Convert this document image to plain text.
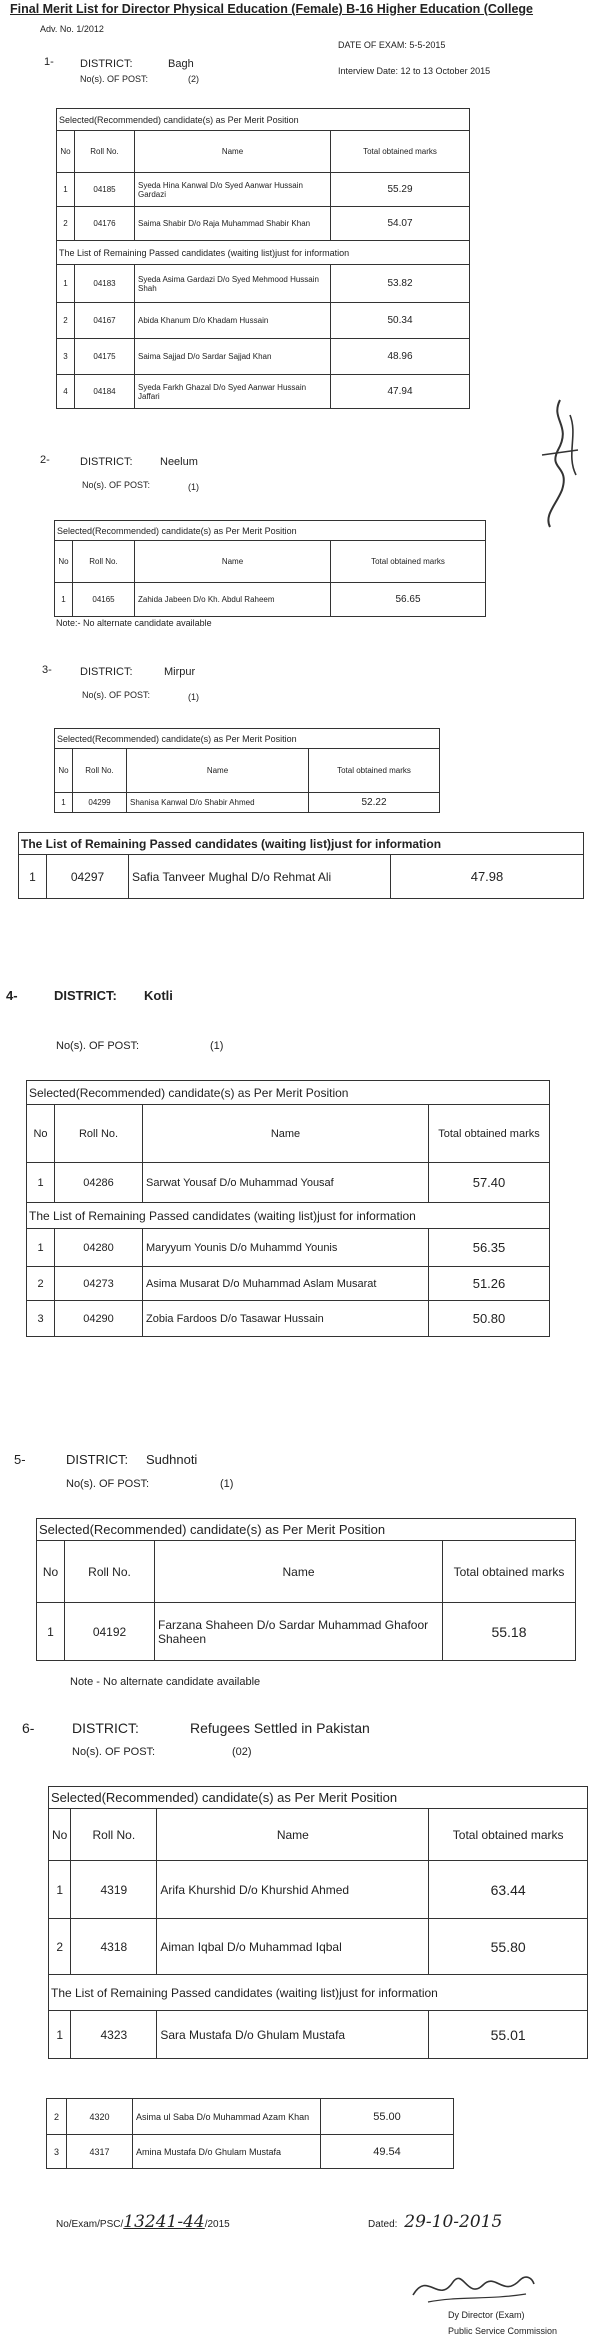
Final Merit List for Director Physical Education (Female) B-16 Higher Education (College
Adv. No. 1/2012
DATE OF EXAM: 5-5-2015
Interview Date: 12 to 13 October 2015
1- DISTRICT:	Bagh
No(s). OF POST:	(2)
Selected(Recommended) candidate(s) as Per Merit Position			
No	Roll No.	Name	Total obtained marks
1	04185	Syeda Hina Kanwal D/o Syed Aanwar Hussain Gardazi	55.29
2	04176	Saima Shabir D/o Raja Muhammad Shabir Khan	54.07
The List of Remaining Passed candidates (waiting list)just for information			
1	04183	Syeda Asima Gardazi D/o Syed Mehmood Hussain Shah	53.82
2	04167	Abida Khanum D/o Khadam Hussain	50.34
3	04175	Saima Sajjad D/o Sardar Sajjad Khan	48.96
4	04184	Syeda Farkh Ghazal D/o Syed Aanwar Hussain Jaffari	47.94
2-	DISTRICT: Neelum
No(s). OF POST:	(1)
Selected(Recommended) candidate(s) as Per Merit Position			
No	Roll No.	Name	Total obtained marks
1	04165	Zahida Jabeen D/o Kh. Abdul Raheem	56.65
Note:- No alternate candidate available
3-	DISTRICT:	Mirpur
No(s). OF POST:	(1)
Selected(Recommended) candidate(s) as Per Merit Position			
No	Roll No.	Name	Total obtained marks
1	04299	Shanisa Kanwal D/o Shabir Ahmed	52.22
The List of Remaining Passed candidates (waiting list)just for information
1	04297	Safia Tanveer Mughal D/o Rehmat Ali	47.98
4-	DISTRICT: Kotli
No(s). OF POST:	(1)
Selected(Recommended) candidate(s) as Per Merit Position			
No	Roll No.	Name	Total obtained marks
1	04286	Sarwat Yousaf D/o Muhammad Yousaf	57.40
The List of Remaining Passed candidates (waiting list)just for information			
1	04280	Maryyum Younis D/o Muhammd Younis	56.35
2	04273	Asima Musarat D/o Muhammad Aslam Musarat	51.26
3	04290	Zobia Fardoos D/o Tasawar Hussain	50.80
5-	DISTRICT: Sudhnoti
No(s). OF POST:	(1)
Selected(Recommended) candidate(s) as Per Merit Position			
No	Roll No.	Name	Total obtained marks
1	04192	Farzana Shaheen D/o Sardar Muhammad Ghafoor Shaheen	55.18
Note - No alternate candidate available
6-	DISTRICT:	Refugees Settled in Pakistan
No(s). OF POST:	(02)
Selected(Recommended) candidate(s) as Per Merit Position			
No	Roll No.	Name	Total obtained marks
1	4319	Arifa Khurshid D/o Khurshid Ahmed	63.44
2	4318	Aiman Iqbal D/o Muhammad Iqbal	55.80
The List of Remaining Passed candidates (waiting list)just for information			
1	4323	Sara Mustafa D/o Ghulam Mustafa	55.01
2	4320	Asima ul Saba D/o Muhammad Azam Khan	55.00
3	4317	Amina Mustafa D/o Ghulam Mustafa	49.54
No/Exam/PSC/13241-44/2015	Dated: 29-10-2015
Dy Director (Exam)
Public Service Commission
